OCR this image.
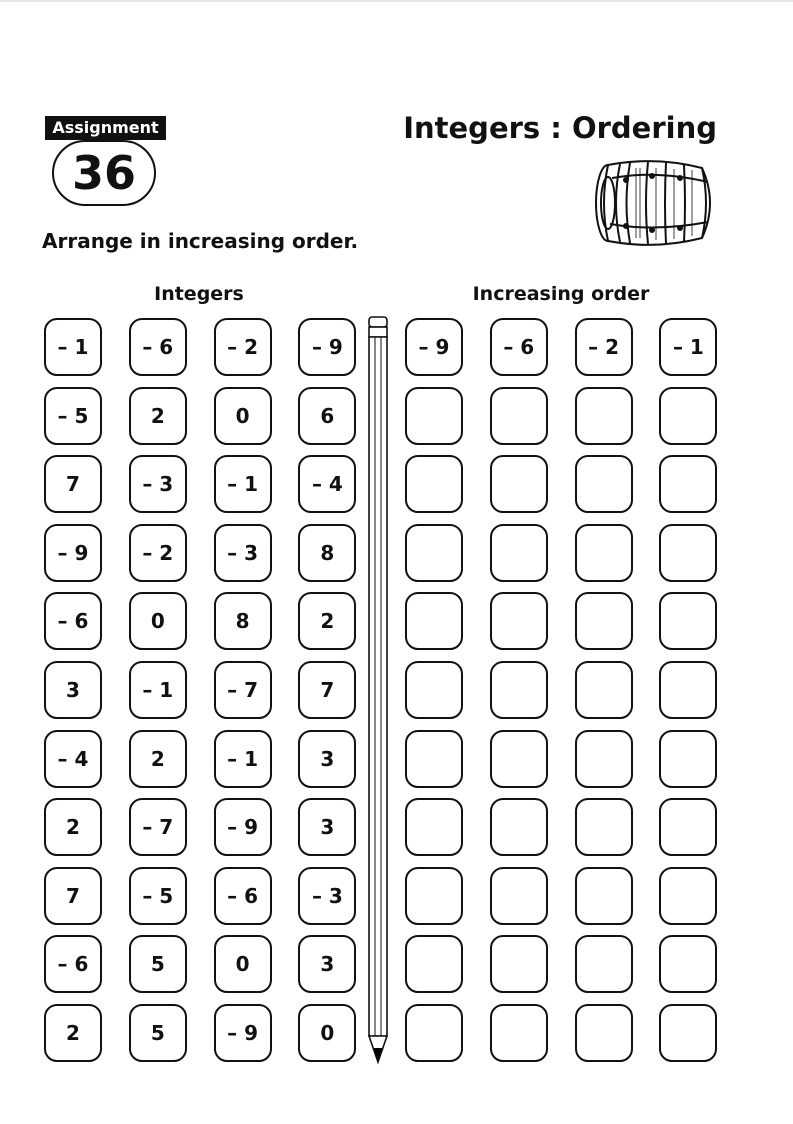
Assignment
36
Integers : Ordering
Arrange in increasing order.
Integers	Increasing order
– 1	– 6	– 2	– 9
– 5	2	0	6
7	– 3	– 1	– 4
– 9	– 2	– 3	8
– 6	0	8	2
3	– 1	– 7	7
– 4	2	– 1	3
2	– 7	– 9	3
7	– 5	– 6	– 3
– 6	5	0	3
2	5	– 9	0
– 9	– 6	– 2	– 1
